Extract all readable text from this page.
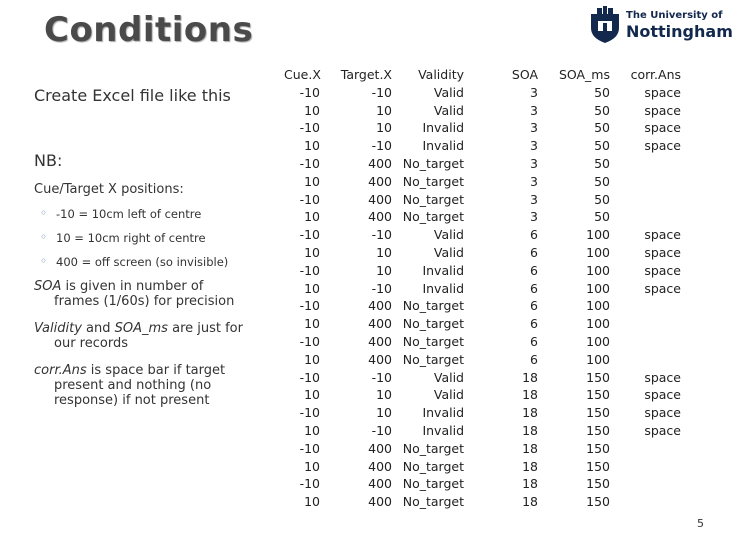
Conditions	The University of
Nottingham

Create Excel file like this

NB:

Cue/Target X positions:

◦ -10 = 10cm left of centre
◦ 10 = 10cm right of centre
◦ 400 = off screen (so invisible)

SOA is given in number of
frames (1/60s) for precision

Validity and SOA_ms are just for
our records

corr.Ans is space bar if target
present and nothing (no
response) if not present

Cue.X
-10
10
-10
10
-10
10
-10
10
-10
10
-10
10
-10
10
-10
10
-10
10
-10
10
-10
10
-10
10
Target.X
-10
10
10
-10
400
400
400
400
-10
10
10
-10
400
400
400
400
-10
10
10
-10
400
400
400
400
Validity
Valid
Valid
Invalid
Invalid
No_target
No_target
No_target
No_target
Valid
Valid
Invalid
Invalid
No_target
No_target
No_target
No_target
Valid
Valid
Invalid
Invalid
No_target
No_target
No_target
No_target
SOA
3
3
3
3
3
3
3
3
6
6
6
6
6
6
6
6
18
18
18
18
18
18
18
18
SOA_ms
50
50
50
50
50
50
50
50
100
100
100
100
100
100
100
100
150
150
150
150
150
150
150
150
corr.Ans
space
space
space
space
space
space
space
space
space
space
space
space
5
